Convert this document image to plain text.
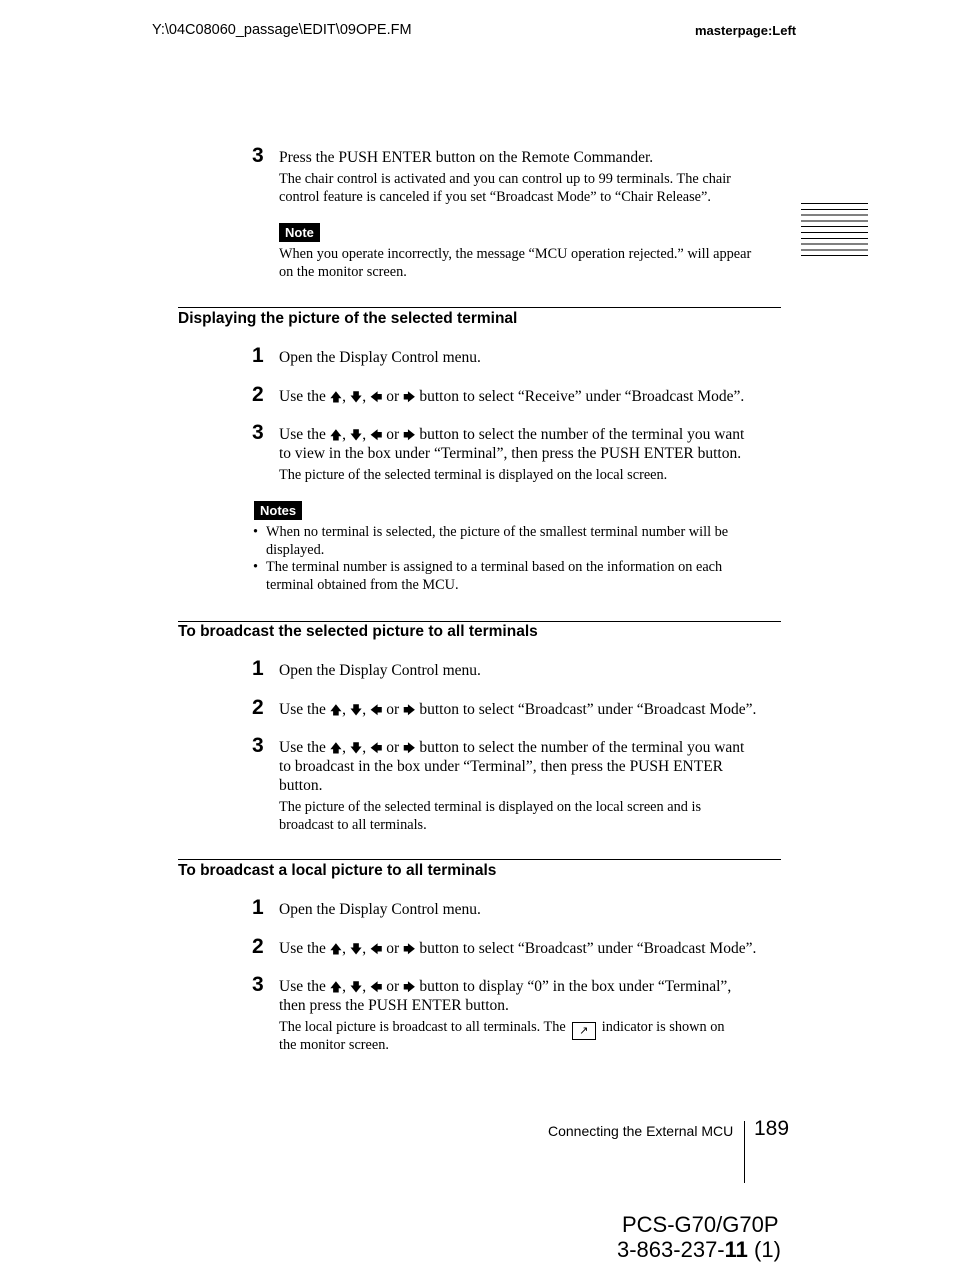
Y:\04C08060_passage\EDIT\09OPE.FM	masterpage:Left
3 Press the PUSH ENTER button on the Remote Commander.
The chair control is activated and you can control up to 99 terminals. The chair
control feature is canceled if you set “Broadcast Mode” to “Chair Release”.
Note
When you operate incorrectly, the message “MCU operation rejected.” will appear
on the monitor screen.
Displaying the picture of the selected terminal
1 Open the Display Control menu.
2 Use the 🡅, 🡇, 🡄 or 🡆 button to select “Receive” under “Broadcast Mode”.
3 Use the 🡅, 🡇, 🡄 or 🡆 button to select the number of the terminal you want
to view in the box under “Terminal”, then press the PUSH ENTER button.
The picture of the selected terminal is displayed on the local screen.
Notes
• When no terminal is selected, the picture of the smallest terminal number will be
displayed.
• The terminal number is assigned to a terminal based on the information on each
terminal obtained from the MCU.
To broadcast the selected picture to all terminals
1 Open the Display Control menu.
2 Use the 🡅, 🡇, 🡄 or 🡆 button to select “Broadcast” under “Broadcast Mode”.
3 Use the 🡅, 🡇, 🡄 or 🡆 button to select the number of the terminal you want
to broadcast in the box under “Terminal”, then press the PUSH ENTER
button.
The picture of the selected terminal is displayed on the local screen and is
broadcast to all terminals.
To broadcast a local picture to all terminals
1 Open the Display Control menu.
2 Use the 🡅, 🡇, 🡄 or 🡆 button to select “Broadcast” under “Broadcast Mode”.
3 Use the 🡅, 🡇, 🡄 or 🡆 button to display “0” in the box under “Terminal”,
then press the PUSH ENTER button.
The local picture is broadcast to all terminals. The ↗ indicator is shown on
the monitor screen.
Connecting the External MCU 189
PCS-G70/G70P
3-863-237-11 (1)
